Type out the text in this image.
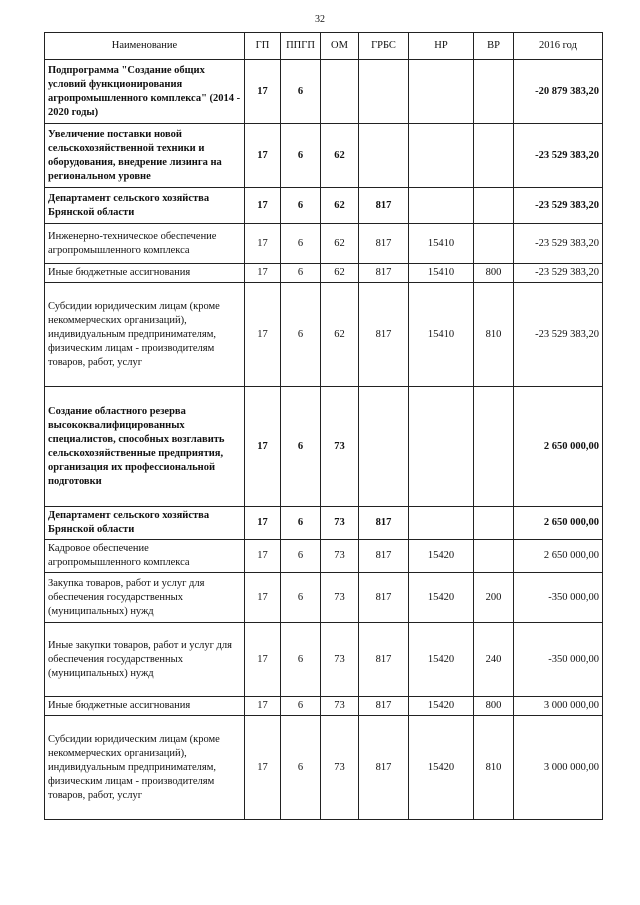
32
Наименование	ГП	ППГП	ОМ	ГРБС	НР	ВР	2016 год
Подпрограмма "Создание общих условий функционирования агропромышленного комплекса" (2014 - 2020 годы)	17	6					-20 879 383,20
Увеличение поставки новой сельскохозяйственной техники и оборудования, внедрение лизинга на региональном уровне	17	6	62				-23 529 383,20
Департамент сельского хозяйства Брянской области	17	6	62	817			-23 529 383,20
Инженерно-техническое обеспечение агропромышленного комплекса	17	6	62	817	15410		-23 529 383,20
Иные бюджетные ассигнования	17	6	62	817	15410	800	-23 529 383,20
Субсидии юридическим лицам (кроме некоммерческих организаций), индивидуальным предпринимателям, физическим лицам - производителям товаров, работ, услуг	17	6	62	817	15410	810	-23 529 383,20
Создание областного резерва высококвалифицированных специалистов, способных возглавить сельскохозяйственные предприятия, организация их профессиональной подготовки	17	6	73				2 650 000,00
Департамент сельского хозяйства Брянской области	17	6	73	817			2 650 000,00
Кадровое обеспечение агропромышленного комплекса	17	6	73	817	15420		2 650 000,00
Закупка товаров, работ и услуг для обеспечения государственных (муниципальных) нужд	17	6	73	817	15420	200	-350 000,00
Иные закупки товаров, работ и услуг для обеспечения государственных (муниципальных) нужд	17	6	73	817	15420	240	-350 000,00
Иные бюджетные ассигнования	17	6	73	817	15420	800	3 000 000,00
Субсидии юридическим лицам (кроме некоммерческих организаций), индивидуальным предпринимателям, физическим лицам - производителям товаров, работ, услуг	17	6	73	817	15420	810	3 000 000,00
